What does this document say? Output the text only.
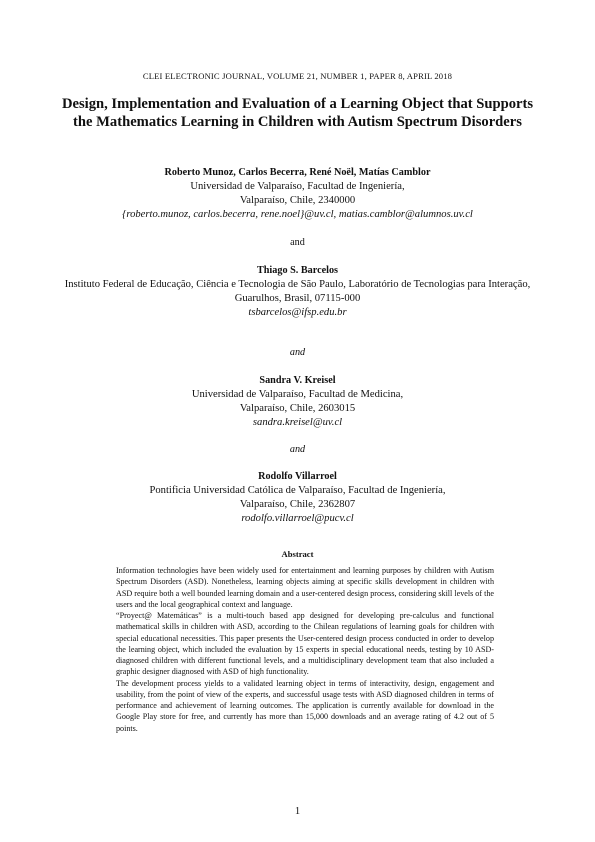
CLEI ELECTRONIC JOURNAL, VOLUME 21, NUMBER 1, PAPER 8, APRIL 2018
Design, Implementation and Evaluation of a Learning Object that Supports the Mathematics Learning in Children with Autism Spectrum Disorders
Roberto Munoz, Carlos Becerra, René Noël, Matías Camblor
Universidad de Valparaíso, Facultad de Ingeniería,
Valparaíso, Chile, 2340000
{roberto.munoz, carlos.becerra, rene.noel}@uv.cl, matias.camblor@alumnos.uv.cl
and
Thiago S. Barcelos
Instituto Federal de Educação, Ciência e Tecnologia de São Paulo, Laboratório de Tecnologias para Interação,
Guarulhos, Brasil, 07115-000
tsbarcelos@ifsp.edu.br
and
Sandra V. Kreisel
Universidad de Valparaíso, Facultad de Medicina,
Valparaíso, Chile, 2603015
sandra.kreisel@uv.cl
and
Rodolfo Villarroel
Pontificia Universidad Católica de Valparaíso, Facultad de Ingeniería,
Valparaíso, Chile, 2362807
rodolfo.villarroel@pucv.cl
Abstract

Information technologies have been widely used for entertainment and learning purposes by children with Autism Spectrum Disorders (ASD). Nonetheless, learning objects aiming at specific skills development in children with ASD require both a well bounded learning domain and a user-centered design process, considering skill levels of the users and the local geographical context and language.

“Proyect@ Matemáticas” is a multi-touch based app designed for developing pre-calculus and functional mathematical skills in children with ASD, according to the Chilean regulations of learning goals for children with special educational necessities. This paper presents the User-centered design process conducted in order to develop the learning object, which included the evaluation by 15 experts in special educational needs, testing by 10 ASD-diagnosed children with different functional levels, and a multidisciplinary development team that also included a graphic designer diagnosed with ASD of high functionality.

The development process yields to a validated learning object in terms of interactivity, design, engagement and usability, from the point of view of the experts, and successful usage tests with ASD diagnosed children in terms of performance and achievement of learning outcomes. The application is currently available for download in the Google Play store for free, and currently has more than 15,000 downloads and an average rating of 4.2 out of 5 points.

1
